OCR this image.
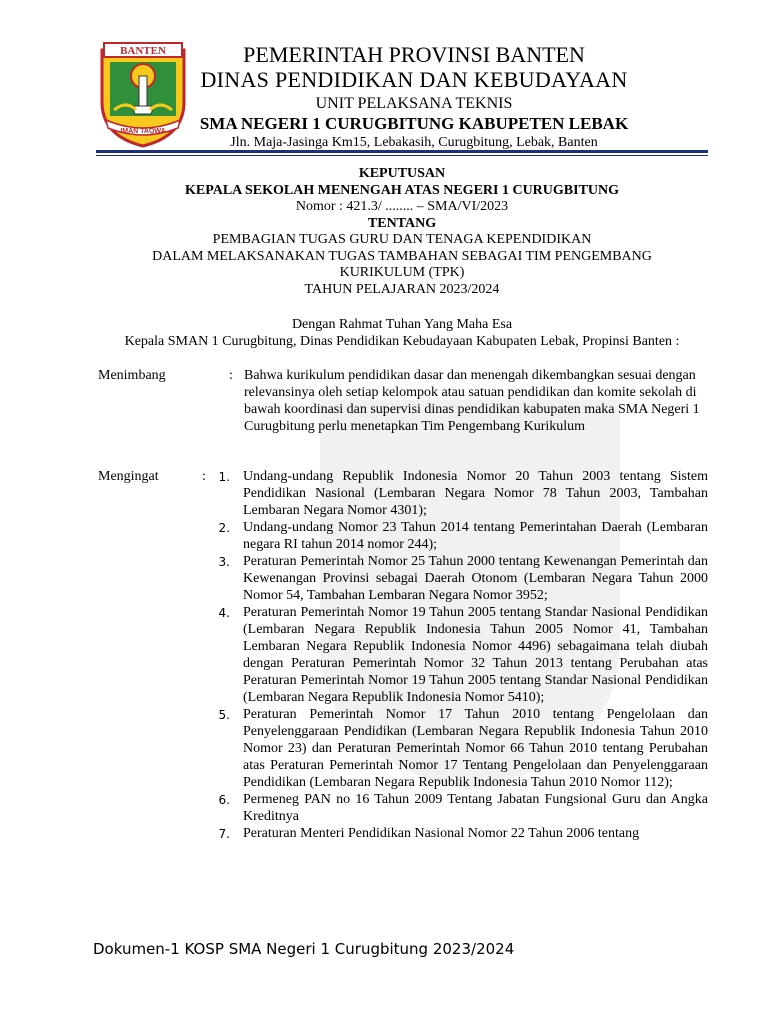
BANTEN
IMAN TAQWA
PEMERINTAH PROVINSI BANTEN
DINAS PENDIDIKAN DAN KEBUDAYAAN
UNIT PELAKSANA TEKNIS
SMA NEGERI 1 CURUGBITUNG KABUPETEN LEBAK
Jln. Maja-Jasinga Km15, Lebakasih, Curugbitung, Lebak, Banten
KEPUTUSAN
KEPALA SEKOLAH MENENGAH ATAS NEGERI 1 CURUGBITUNG
Nomor : 421.3/ ........ – SMA/VI/2023
TENTANG
PEMBAGIAN TUGAS GURU DAN TENAGA KEPENDIDIKAN
DALAM MELAKSANAKAN TUGAS TAMBAHAN SEBAGAI TIM PENGEMBANG
KURIKULUM (TPK)
TAHUN PELAJARAN 2023/2024
Dengan Rahmat Tuhan Yang Maha Esa
Kepala SMAN 1 Curugbitung, Dinas Pendidikan Kebudayaan Kabupaten Lebak, Propinsi Banten :
Menimbang	: Bahwa kurikulum pendidikan dasar dan menengah dikembangkan sesuai dengan relevansinya oleh setiap kelompok atau satuan pendidikan dan komite sekolah di bawah koordinasi dan supervisi dinas pendidikan kabupaten maka SMA Negeri 1 Curugbitung perlu menetapkan Tim Pengembang Kurikulum
Mengingat	:	1. Undang-undang Republik Indonesia Nomor 20 Tahun 2003 tentang Sistem Pendidikan Nasional (Lembaran Negara Nomor 78 Tahun 2003, Tambahan Lembaran Negara Nomor 4301);
2. Undang-undang Nomor 23 Tahun 2014 tentang Pemerintahan Daerah (Lembaran negara RI tahun 2014 nomor 244);
3. Peraturan Pemerintah Nomor 25 Tahun 2000 tentang Kewenangan Pemerintah dan Kewenangan Provinsi sebagai Daerah Otonom (Lembaran Negara Tahun 2000 Nomor 54, Tambahan Lembaran Negara Nomor 3952;
4. Peraturan Pemerintah Nomor 19 Tahun 2005 tentang Standar Nasional Pendidikan (Lembaran Negara Republik Indonesia Tahun 2005 Nomor 41, Tambahan Lembaran Negara Republik Indonesia Nomor 4496) sebagaimana telah diubah dengan Peraturan Pemerintah Nomor 32 Tahun 2013 tentang Perubahan atas Peraturan Pemerintah Nomor 19 Tahun 2005 tentang Standar Nasional Pendidikan (Lembaran Negara Republik Indonesia Nomor 5410);
5. Peraturan Pemerintah Nomor 17 Tahun 2010 tentang Pengelolaan dan Penyelenggaraan Pendidikan (Lembaran Negara Republik Indonesia Tahun 2010 Nomor 23) dan Peraturan Pemerintah Nomor 66 Tahun 2010 tentang Perubahan atas Peraturan Pemerintah Nomor 17 Tentang Pengelolaan dan Penyelenggaraan Pendidikan (Lembaran Negara Republik Indonesia Tahun 2010 Nomor 112);
6. Permeneg PAN no 16 Tahun 2009 Tentang Jabatan Fungsional Guru dan Angka Kreditnya
7. Peraturan Menteri Pendidikan Nasional Nomor 22 Tahun 2006 tentang
Dokumen-1 KOSP SMA Negeri 1 Curugbitung 2023/2024
